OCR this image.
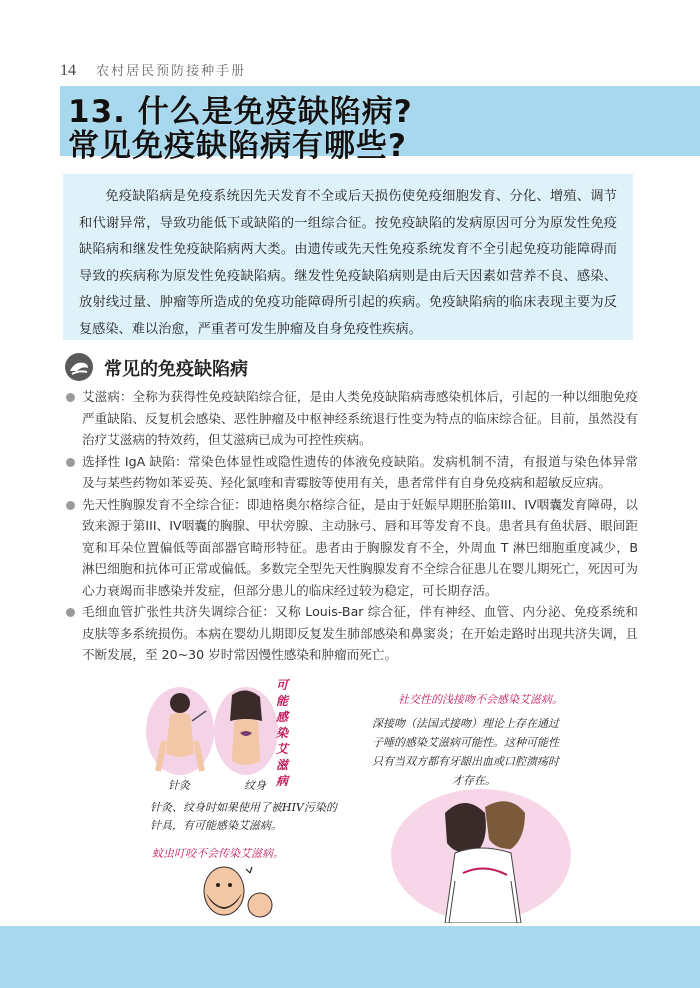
14 农村居民预防接种手册
13. 什么是免疫缺陷病?
常见免疫缺陷病有哪些?

免疫缺陷病是免疫系统因先天发育不全或后天损伤使免疫细胞发育、分化、增殖、调节和代谢异常，导致功能低下或缺陷的一组综合征。按免疫缺陷的发病原因可分为原发性免疫缺陷病和继发性免疫缺陷病两大类。由遗传或先天性免疫系统发育不全引起免疫功能障碍而导致的疾病称为原发性免疫缺陷病。继发性免疫缺陷病则是由后天因素如营养不良、感染、放射线过量、肿瘤等所造成的免疫功能障碍所引起的疾病。免疫缺陷病的临床表现主要为反复感染、难以治愈，严重者可发生肿瘤及自身免疫性疾病。

常见的免疫缺陷病
艾滋病：全称为获得性免疫缺陷综合征，是由人类免疫缺陷病毒感染机体后，引起的一种以细胞免疫严重缺陷、反复机会感染、恶性肿瘤及中枢神经系统退行性变为特点的临床综合征。目前，虽然没有治疗艾滋病的特效药，但艾滋病已成为可控性疾病。
选择性 IgA 缺陷：常染色体显性或隐性遗传的体液免疫缺陷。发病机制不清，有报道与染色体异常及与某些药物如苯妥英、羟化氯喹和青霉胺等使用有关，患者常伴有自身免疫病和超敏反应病。
先天性胸腺发育不全综合征：即迪格奥尔格综合征，是由于妊娠早期胚胎第III、IV咽囊发育障碍，以致来源于第III、IV咽囊的胸腺、甲状旁腺、主动脉弓、唇和耳等发育不良。患者具有鱼状唇、眼间距宽和耳朵位置偏低等面部器官畸形特征。患者由于胸腺发育不全，外周血 T 淋巴细胞重度减少，B 淋巴细胞和抗体可正常或偏低。多数完全型先天性胸腺发育不全综合征患儿在婴儿期死亡，死因可为心力衰竭而非感染并发症，但部分患儿的临床经过较为稳定，可长期存活。
毛细血管扩张性共济失调综合征：又称 Louis-Bar 综合征，伴有神经、血管、内分泌、免疫系统和皮肤等多系统损伤。本病在婴幼儿期即反复发生肺部感染和鼻窦炎；在开始走路时出现共济失调，且不断发展，至 20~30 岁时常因慢性感染和肿瘤而死亡。
针灸	纹身
可能感染艾滋病
针灸、纹身时如果使用了被HIV污染的
针具，有可能感染艾滋病。
蚊虫叮咬不会传染艾滋病。
社交性的浅接吻不会感染艾滋病。
深接吻（法国式接吻）理论上存在通过
子唾的感染艾滋病可能性。这种可能性
只有当双方都有牙龈出血或口腔溃疡时
才存在。
